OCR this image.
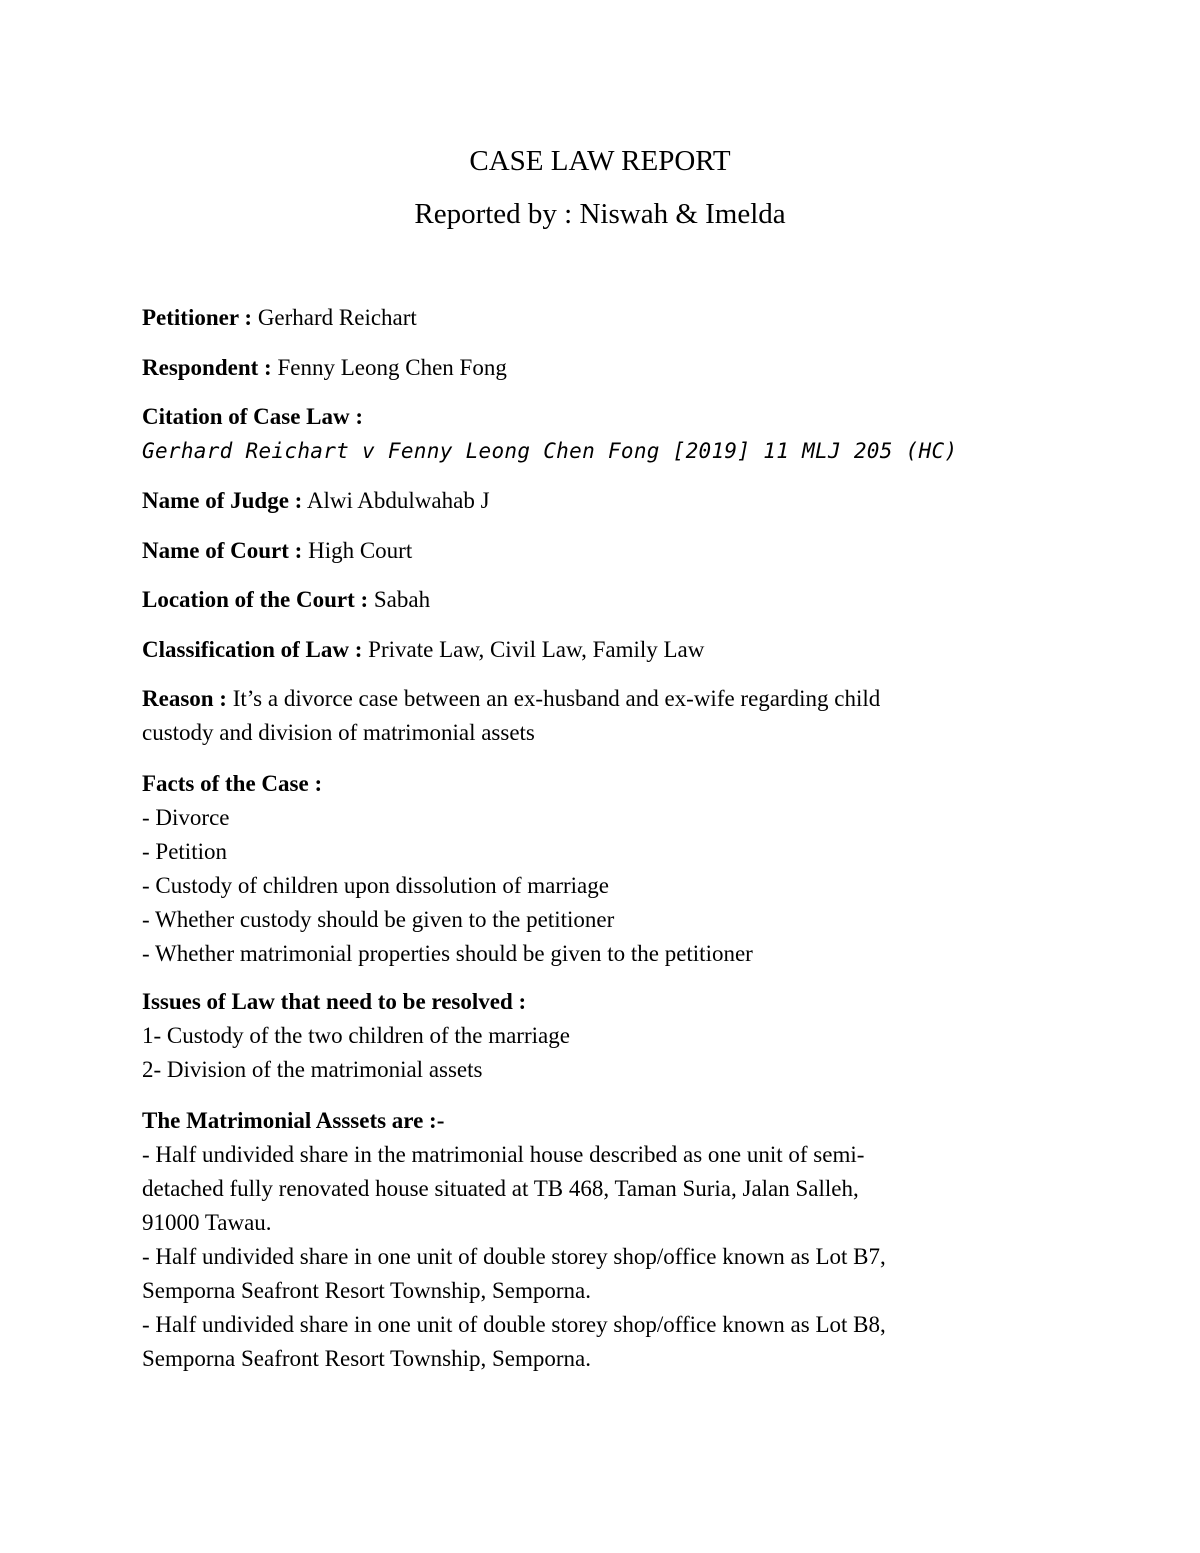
CASE LAW REPORT
Reported by : Niswah & Imelda
Petitioner : Gerhard Reichart
Respondent : Fenny Leong Chen Fong
Citation of Case Law :
Gerhard Reichart v Fenny Leong Chen Fong [2019] 11 MLJ 205 (HC)
Name of Judge : Alwi Abdulwahab J
Name of Court : High Court
Location of the Court : Sabah
Classification of Law : Private Law, Civil Law, Family Law
Reason : It’s a divorce case between an ex-husband and ex-wife regarding child
custody and division of matrimonial assets
Facts of the Case :
- Divorce
- Petition
- Custody of children upon dissolution of marriage
- Whether custody should be given to the petitioner
- Whether matrimonial properties should be given to the petitioner
Issues of Law that need to be resolved :
1- Custody of the two children of the marriage
2- Division of the matrimonial assets
The Matrimonial Asssets are :-
- Half undivided share in the matrimonial house described as one unit of semi-
detached fully renovated house situated at TB 468, Taman Suria, Jalan Salleh,
91000 Tawau.
- Half undivided share in one unit of double storey shop/office known as Lot B7,
Semporna Seafront Resort Township, Semporna.
- Half undivided share in one unit of double storey shop/office known as Lot B8,
Semporna Seafront Resort Township, Semporna.
